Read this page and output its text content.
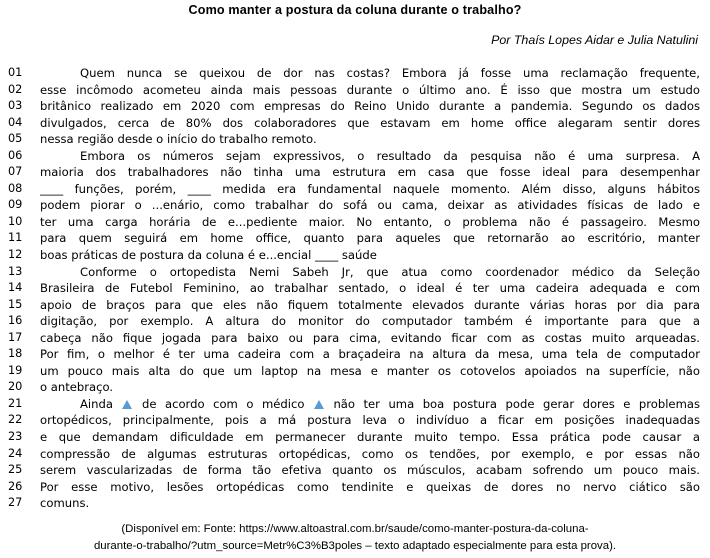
Como manter a postura da coluna durante o trabalho?
Por Thaís Lopes Aidar e Julia Natulini
01	Quem nunca se queixou de dor nas costas? Embora já fosse uma reclamação frequente,
02	esse incômodo acometeu ainda mais pessoas durante o último ano. É isso que mostra um estudo
03	britânico realizado em 2020 com empresas do Reino Unido durante a pandemia. Segundo os dados
04	divulgados, cerca de 80% dos colaboradores que estavam em home office alegaram sentir dores
05	nessa região desde o início do trabalho remoto.
06	Embora os números sejam expressivos, o resultado da pesquisa não é uma surpresa. A
07	maioria dos trabalhadores não tinha uma estrutura em casa que fosse ideal para desempenhar
08	____ funções, porém, ____ medida era fundamental naquele momento. Além disso, alguns hábitos
09	podem piorar o ...enário, como trabalhar do sofá ou cama, deixar as atividades físicas de lado e
10	ter uma carga horária de e...pediente maior. No entanto, o problema não é passageiro. Mesmo
11	para quem seguirá em home office, quanto para aqueles que retornarão ao escritório, manter
12	boas práticas de postura da coluna é e...encial ____ saúde
13	Conforme o ortopedista Nemi Sabeh Jr, que atua como coordenador médico da Seleção
14	Brasileira de Futebol Feminino, ao trabalhar sentado, o ideal é ter uma cadeira adequada e com
15	apoio de braços para que eles não fiquem totalmente elevados durante várias horas por dia para
16	digitação, por exemplo. A altura do monitor do computador também é importante para que a
17	cabeça não fique jogada para baixo ou para cima, evitando ficar com as costas muito arqueadas.
18	Por fim, o melhor é ter uma cadeira com a braçadeira na altura da mesa, uma tela de computador
19	um pouco mais alta do que um laptop na mesa e manter os cotovelos apoiados na superfície, não
20	o antebraço.
21	Ainda  de acordo com o médico  não ter uma boa postura pode gerar dores e problemas
22	ortopédicos, principalmente, pois a má postura leva o indivíduo a ficar em posições inadequadas
23	e que demandam dificuldade em permanecer durante muito tempo. Essa prática pode causar a
24	compressão de algumas estruturas ortopédicas, como os tendões, por exemplo, e por essas não
25	serem vascularizadas de forma tão efetiva quanto os músculos, acabam sofrendo um pouco mais.
26	Por esse motivo, lesões ortopédicas como tendinite e queixas de dores no nervo ciático são
27	comuns.
(Disponível em: Fonte: https://www.altoastral.com.br/saude/como-manter-postura-da-coluna-
durante-o-trabalho/?utm_source=Metr%C3%B3poles – texto adaptado especialmente para esta prova).
